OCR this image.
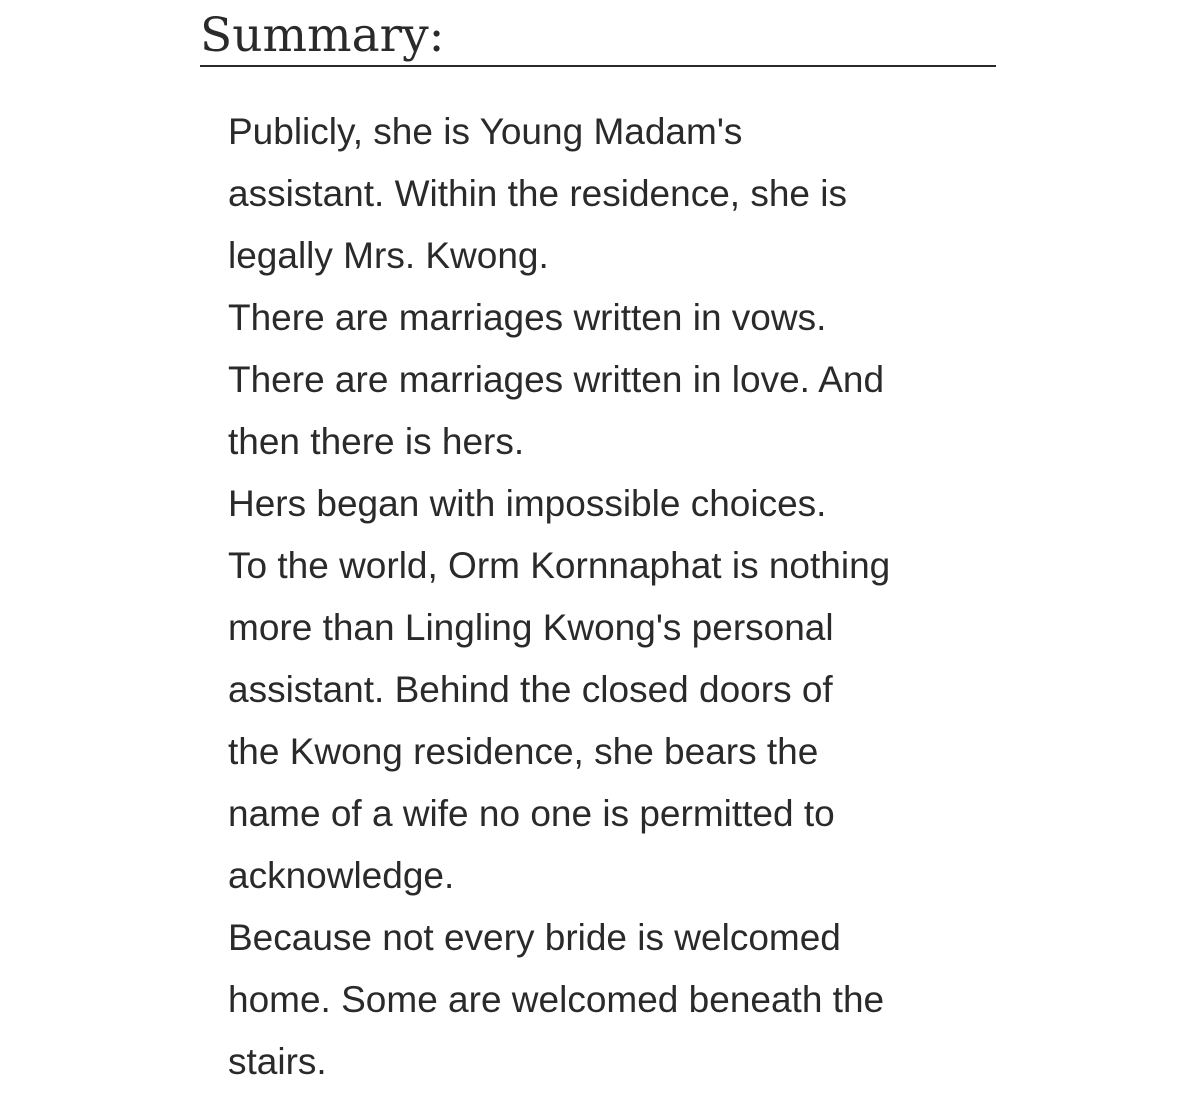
Summary:
Publicly, she is Young Madam's
assistant. Within the residence, she is
legally Mrs. Kwong.
There are marriages written in vows.
There are marriages written in love. And
then there is hers.
Hers began with impossible choices.
To the world, Orm Kornnaphat is nothing
more than Lingling Kwong's personal
assistant. Behind the closed doors of
the Kwong residence, she bears the
name of a wife no one is permitted to
acknowledge.
Because not every bride is welcomed
home. Some are welcomed beneath the
stairs.
